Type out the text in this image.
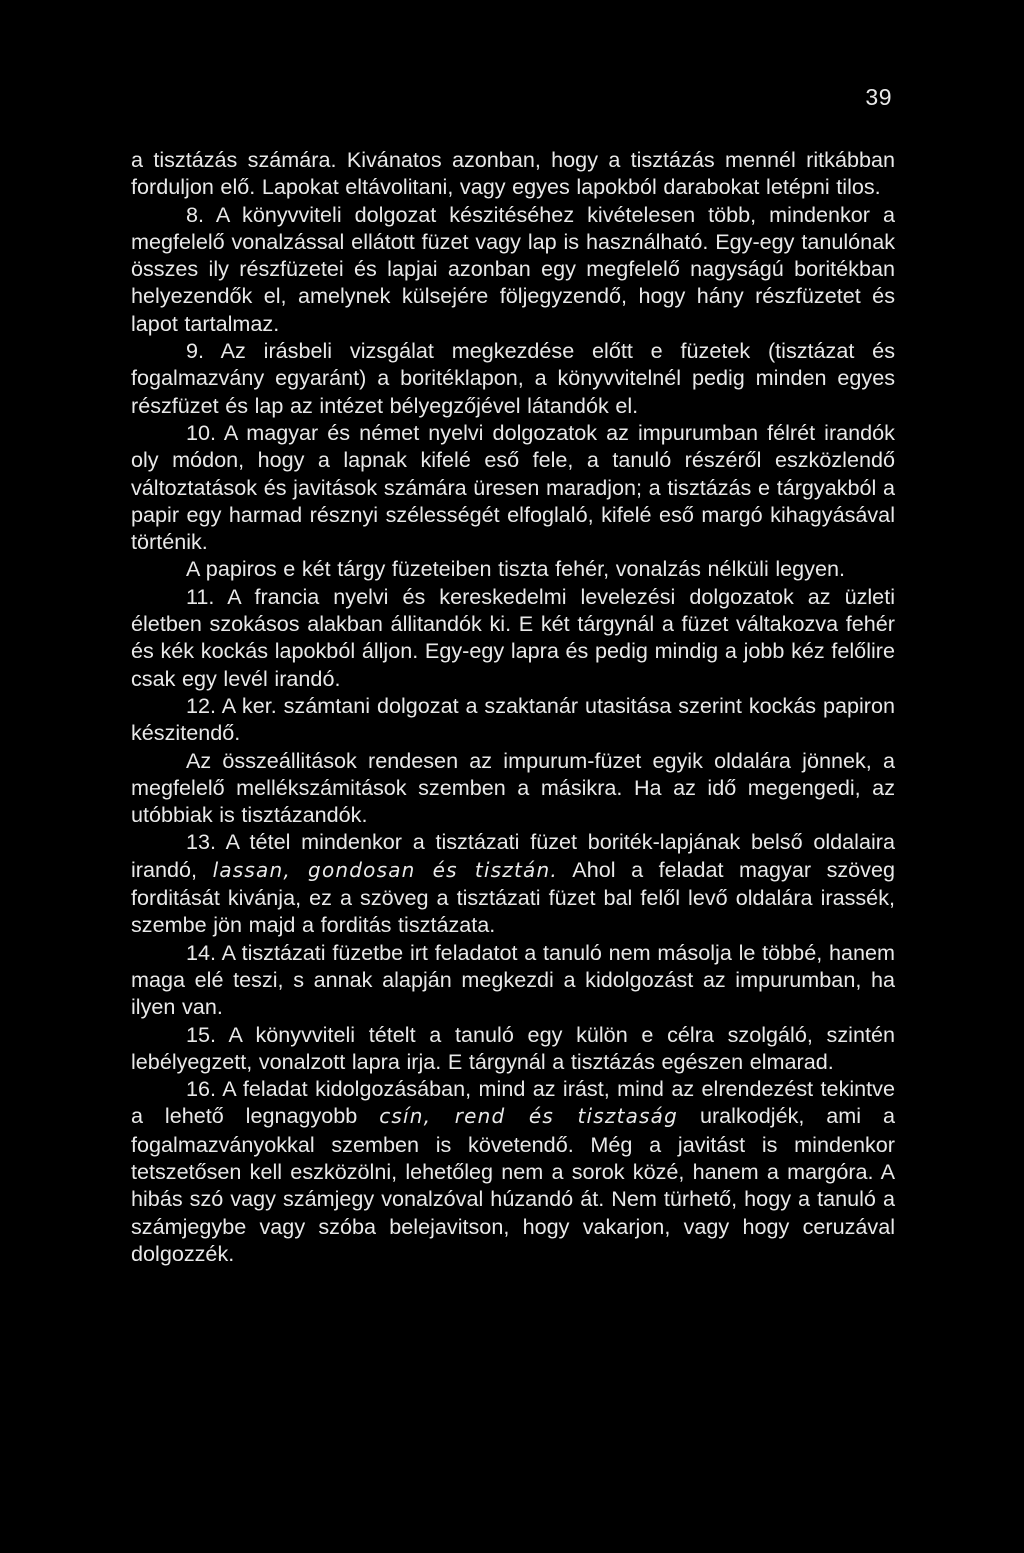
39

a tisztázás számára. Kivánatos azonban, hogy a tisztázás mennél ritkábban forduljon elő. Lapokat eltávolitani, vagy egyes lapokból darabokat letépni tilos.

8. A könyvviteli dolgozat készitéséhez kivételesen több, mindenkor a megfelelő vonalzással ellátott füzet vagy lap is használható. Egy-egy tanulónak összes ily részfüzetei és lapjai azonban egy megfelelő nagyságú boritékban helyezendők el, amelynek külsejére följegyzendő, hogy hány részfüzetet és lapot tartalmaz.

9. Az irásbeli vizsgálat megkezdése előtt e füzetek (tisztázat és fogalmazvány egyaránt) a boritéklapon, a könyvvitelnél pedig minden egyes részfüzet és lap az intézet bélyegzőjével látandók el.

10. A magyar és német nyelvi dolgozatok az impurumban félrét irandók oly módon, hogy a lapnak kifelé eső fele, a tanuló részéről eszközlendő változtatások és javitások számára üresen maradjon; a tisztázás e tárgyakból a papir egy harmad résznyi szélességét elfoglaló, kifelé eső margó kihagyásával történik.

A papiros e két tárgy füzeteiben tiszta fehér, vonalzás nélküli legyen.

11. A francia nyelvi és kereskedelmi levelezési dolgozatok az üzleti életben szokásos alakban állitandók ki. E két tárgynál a füzet váltakozva fehér és kék kockás lapokból álljon. Egy-egy lapra és pedig mindig a jobb kéz felőlire csak egy levél irandó.

12. A ker. számtani dolgozat a szaktanár utasitása szerint kockás papiron készitendő.

Az összeállitások rendesen az impurum-füzet egyik oldalára jönnek, a megfelelő mellékszámitások szemben a másikra. Ha az idő megengedi, az utóbbiak is tisztázandók.

13. A tétel mindenkor a tisztázati füzet boriték-lapjának belső oldalaira irandó, lassan, gondosan és tisztán. Ahol a feladat magyar szöveg forditását kivánja, ez a szöveg a tisztázati füzet bal felől levő oldalára irassék, szembe jön majd a forditás tisztázata.

14. A tisztázati füzetbe irt feladatot a tanuló nem másolja le többé, hanem maga elé teszi, s annak alapján megkezdi a kidolgozást az impurumban, ha ilyen van.

15. A könyvviteli tételt a tanuló egy külön e célra szolgáló, szintén lebélyegzett, vonalzott lapra irja. E tárgynál a tisztázás egészen elmarad.

16. A feladat kidolgozásában, mind az irást, mind az elrendezést tekintve a lehető legnagyobb csín, rend és tisztaság uralkodjék, ami a fogalmazványokkal szemben is követendő. Még a javitást is mindenkor tetszetősen kell eszközölni, lehetőleg nem a sorok közé, hanem a margóra. A hibás szó vagy számjegy vonalzóval húzandó át. Nem türhető, hogy a tanuló a számjegybe vagy szóba belejavitson, hogy vakarjon, vagy hogy ceruzával dolgozzék.
